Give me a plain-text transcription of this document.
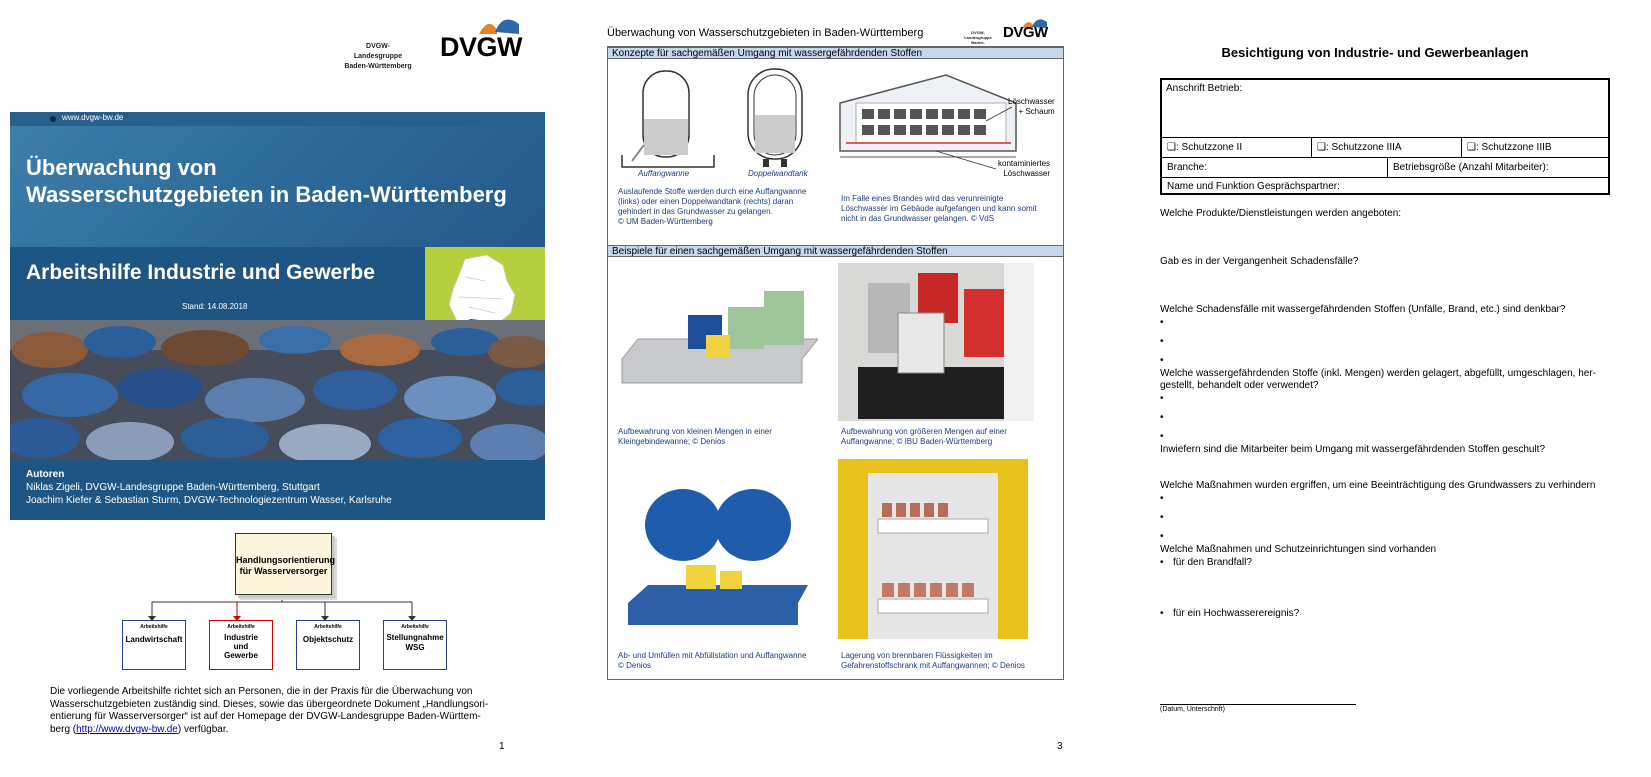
DVGW-Landesgruppe
Baden-Württemberg
DVGW
www.dvgw-bw.de
Überwachung von
Wasserschutzgebieten in Baden-Württemberg
Arbeitshilfe Industrie und Gewerbe
Stand: 14.08.2018
Autoren
Niklas Zigeli, DVGW-Landesgruppe Baden-Württemberg, Stuttgart
Joachim Kiefer & Sebastian Sturm, DVGW-Technologiezentrum Wasser, Karlsruhe
Handlungsorientierung
für Wasserversorger
Arbeitshilfe
Landwirtschaft
Arbeitshilfe
Industrie
und
Gewerbe
Arbeitshilfe
Objektschutz
Arbeitshilfe
Stellungnahme
WSG
Die vorliegende Arbeitshilfe richtet sich an Personen, die in der Praxis für die Überwachung von
Wasserschutzgebieten zuständig sind. Dieses, sowie das übergeordnete Dokument „Handlungsori-
entierung für Wasserversorger“ ist auf der Homepage der DVGW-Landesgruppe Baden-Württem-
berg (http://www.dvgw-bw.de) verfügbar.
1
Überwachung von Wasserschutzgebieten in Baden-Württemberg	DVGW-Landesgruppe
Baden-
DVGW
Konzepte für sachgemäßen Umgang mit wassergefährdenden Stoffen
Auffangwanne	Doppelwandtank
Auslaufende Stoffe werden durch eine Auffangwanne
(links) oder einen Doppelwandtank (rechts) daran
gehindert in das Grundwasser zu gelangen.
© UM Baden-Württemberg
Löschwasser
+ Schaum
kontaminiertes
Löschwasser
Im Falle eines Brandes wird das verunreinigte
Löschwasser im Gebäude aufgefangen und kann somit
nicht in das Grundwasser gelangen. © VdS
Beispiele für einen sachgemäßen Umgang mit wassergefährdenden Stoffen
Aufbewahrung von kleinen Mengen in einer
Kleingebindewanne; © Denios
Aufbewahrung von größeren Mengen auf einer
Auffangwanne; © IBU Baden-Württemberg
Ab- und Umfüllen mit Abfüllstation und Auffangwanne
© Denios
Lagerung von brennbaren Flüssigkeiten im
Gefahrenstoffschrank mit Auffangwannen; © Denios
3
Besichtigung von Industrie- und Gewerbeanlagen
Anschrift Betrieb:
❑: Schutzzone II	❑: Schutzzone IIIA	❑: Schutzzone IIIB
Branche:	Betriebsgröße (Anzahl Mitarbeiter):
Name und Funktion Gesprächspartner:
Welche Produkte/Dienstleistungen werden angeboten:
Gab es in der Vergangenheit Schadensfälle?
Welche Schadensfälle mit wassergefährdenden Stoffen (Unfälle, Brand, etc.) sind denkbar?
•
•
•
Welche wassergefährdenden Stoffe (inkl. Mengen) werden gelagert, abgefüllt, umgeschlagen, her-
gestellt, behandelt oder verwendet?
•
•
•
Inwiefern sind die Mitarbeiter beim Umgang mit wassergefährdenden Stoffen geschult?
Welche Maßnahmen wurden ergriffen, um eine Beeinträchtigung des Grundwassers zu verhindern
•
•
•
Welche Maßnahmen und Schutzeinrichtungen sind vorhanden
• für den Brandfall?
• für ein Hochwasserereignis?
(Datum, Unterschrift)
